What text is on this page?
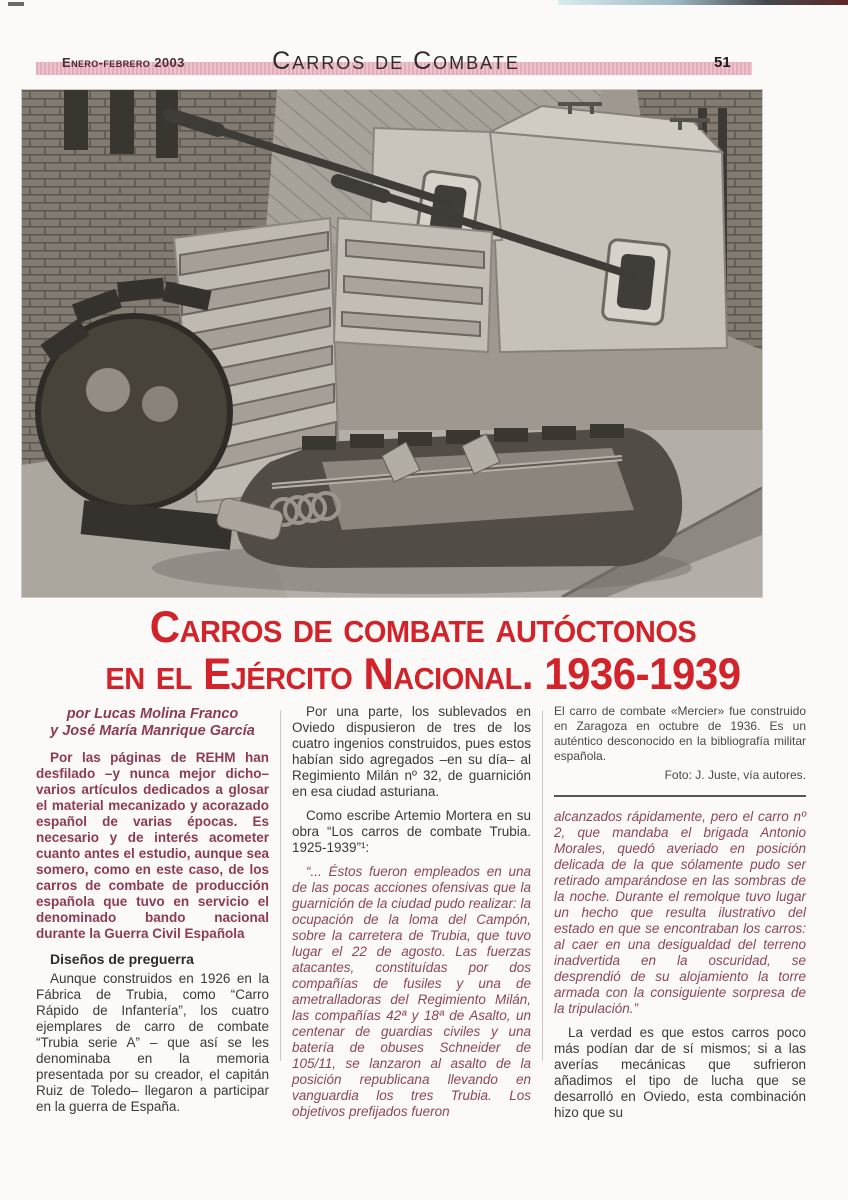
Enero-febrero 2003	Carros de Combate	51
Carros de combate autóctonos
en el Ejército Nacional. 1936-1939

por Lucas Molina Franco
y José María Manrique García

Por las páginas de REHM han desfilado –y nunca mejor dicho– varios artículos dedicados a glosar el material mecanizado y acorazado español de varias épocas. Es necesario y de interés acometer cuanto antes el estudio, aunque sea somero, como en este caso, de los carros de combate de producción española que tuvo en servicio el denominado bando nacional durante la Guerra Civil Española

Diseños de preguerra

Aunque construidos en 1926 en la Fábrica de Trubia, como “Carro Rápido de Infantería”, los cuatro ejemplares de carro de combate “Trubia serie A” – que así se les denominaba en la memoria presentada por su creador, el capitán Ruiz de Toledo– llegaron a participar en la guerra de España.

Por una parte, los sublevados en Oviedo dispusieron de tres de los cuatro ingenios construidos, pues estos habían sido agregados –en su día– al Regimiento Milán nº 32, de guarnición en esa ciudad asturiana.

Como escribe Artemio Mortera en su obra “Los carros de combate Trubia. 1925-1939”¹:

“... Éstos fueron empleados en una de las pocas acciones ofensivas que la guarnición de la ciudad pudo realizar: la ocupación de la loma del Campón, sobre la carretera de Trubia, que tuvo lugar el 22 de agosto. Las fuerzas atacantes, constituídas por dos compañías de fusiles y una de ametralladoras del Regimiento Milán, las compañías 42ª y 18ª de Asalto, un centenar de guardias civiles y una batería de obuses Schneider de 105/11, se lanzaron al asalto de la posición republicana llevando en vanguardia los tres Trubia. Los objetivos prefijados fueron

El carro de combate «Mercier» fue construido en Zaragoza en octubre de 1936. Es un auténtico desconocido en la bibliografía militar española.

Foto: J. Juste, vía autores.

alcanzados rápidamente, pero el carro nº 2, que mandaba el brigada Antonio Morales, quedó averiado en posición delicada de la que sólamente pudo ser retirado amparándose en las sombras de la noche. Durante el remolque tuvo lugar un hecho que resulta ilustrativo del estado en que se encontraban los carros: al caer en una desigualdad del terreno inadvertida en la oscuridad, se desprendió de su alojamiento la torre armada con la consiguiente sorpresa de la tripulación.”

La verdad es que estos carros poco más podían dar de sí mismos; si a las averías mecánicas que sufrieron añadimos el tipo de lucha que se desarrolló en Oviedo, esta combinación hizo que su
